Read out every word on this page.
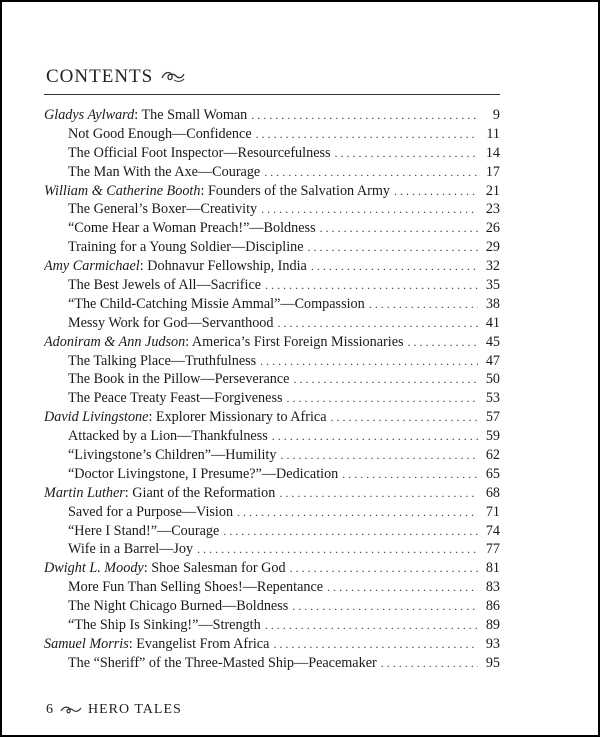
CONTENTS
Gladys Aylward: The Small Woman . . .	9
Not Good Enough—Confidence . . .	11
The Official Foot Inspector—Resourcefulness . . .	14
The Man With the Axe—Courage . . .	17
William & Catherine Booth: Founders of the Salvation Army . . .	21
The General’s Boxer—Creativity . . .	23
“Come Hear a Woman Preach!”—Boldness . . .	26
Training for a Young Soldier—Discipline . . .	29
Amy Carmichael: Dohnavur Fellowship, India . . .	32
The Best Jewels of All—Sacrifice . . .	35
“The Child-Catching Missie Ammal”—Compassion . . .	38
Messy Work for God—Servanthood . . .	41
Adoniram & Ann Judson: America’s First Foreign Missionaries . . .	45
The Talking Place—Truthfulness . . .	47
The Book in the Pillow—Perseverance . . .	50
The Peace Treaty Feast—Forgiveness . . .	53
David Livingstone: Explorer Missionary to Africa . . .	57
Attacked by a Lion—Thankfulness . . .	59
“Livingstone’s Children”—Humility . . .	62
“Doctor Livingstone, I Presume?”—Dedication . . .	65
Martin Luther: Giant of the Reformation . . .	68
Saved for a Purpose—Vision . . .	71
“Here I Stand!”—Courage . . .	74
Wife in a Barrel—Joy . . .	77
Dwight L. Moody: Shoe Salesman for God . . .	81
More Fun Than Selling Shoes!—Repentance . . .	83
The Night Chicago Burned—Boldness . . .	86
“The Ship Is Sinking!”—Strength . . .	89
Samuel Morris: Evangelist From Africa . . .	93
The “Sheriff” of the Three-Masted Ship—Peacemaker . . .	95
6 HERO TALES
